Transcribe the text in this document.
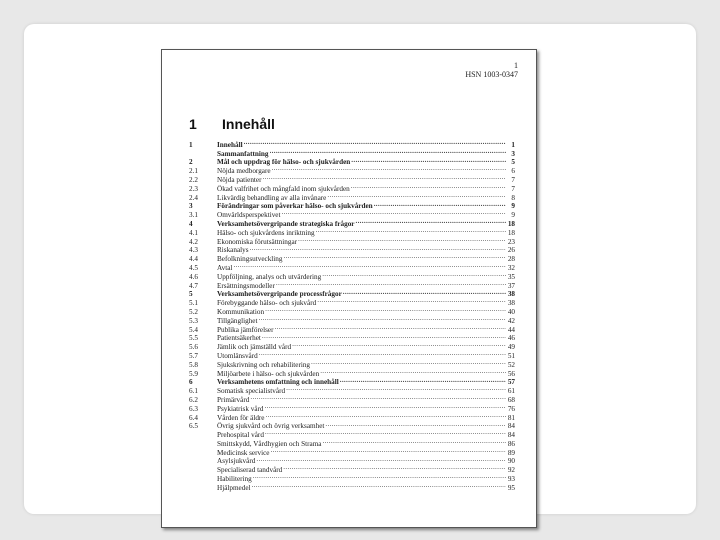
1
HSN 1003-0347
1 Innehåll
1	Innehåll .....	1
Sammanfattning .....	3
2	Mål och uppdrag för hälso- och sjukvården .....	5
2.1	Nöjda medborgare .....	6
2.2	Nöjda patienter .....	7
2.3	Ökad valfrihet och mångfald inom sjukvården .....	7
2.4	Likvärdig behandling av alla invånare .....	8
3	Förändringar som påverkar hälso- och sjukvården .....	9
3.1	Omvärldsperspektivet .....	9
4	Verksamhetsövergripande strategiska frågor .....	18
4.1	Hälso- och sjukvårdens inriktning .....	18
4.2	Ekonomiska förutsättningar .....	23
4.3	Riskanalys .....	26
4.4	Befolkningsutveckling .....	28
4.5	Avtal .....	32
4.6	Uppföljning, analys och utvärdering .....	35
4.7	Ersättningsmodeller .....	37
5	Verksamhetsövergripande processfrågor .....	38
5.1	Förebyggande hälso- och sjukvård .....	38
5.2	Kommunikation .....	40
5.3	Tillgänglighet .....	42
5.4	Publika jämförelser .....	44
5.5	Patientsäkerhet .....	46
5.6	Jämlik och jämställd vård .....	49
5.7	Utomlänsvård .....	51
5.8	Sjukskrivning och rehabilitering .....	52
5.9	Miljöarbete i hälso- och sjukvården .....	56
6	Verksamhetens omfattning och innehåll .....	57
6.1	Somatisk specialistvård .....	61
6.2	Primärvård .....	68
6.3	Psykiatrisk vård .....	76
6.4	Vården för äldre .....	81
6.5	Övrig sjukvård och övrig verksamhet .....	84
Prehospital vård .....	84
Smittskydd, Vårdhygien och Strama .....	86
Medicinsk service .....	89
Asylsjukvård .....	90
Specialiserad tandvård .....	92
Habilitering .....	93
Hjälpmedel .....	95
